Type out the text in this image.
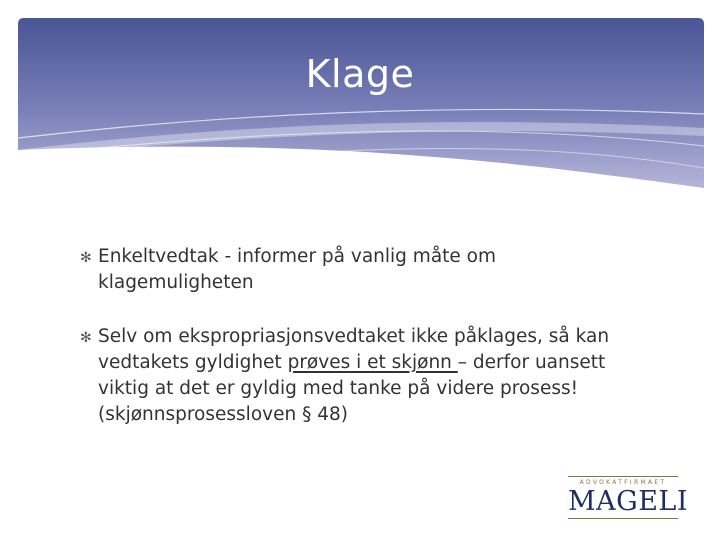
Klage
✻ Enkeltvedtak - informer på vanlig måte om klagemuligheten
✻ Selv om ekspropriasjonsvedtaket ikke påklages, så kan vedtakets gyldighet prøves i et skjønn – derfor uansett viktig at det er gyldig med tanke på videre prosess! (skjønnsprosessloven § 48)
ADVOKATFIRMAET
MAGELI
